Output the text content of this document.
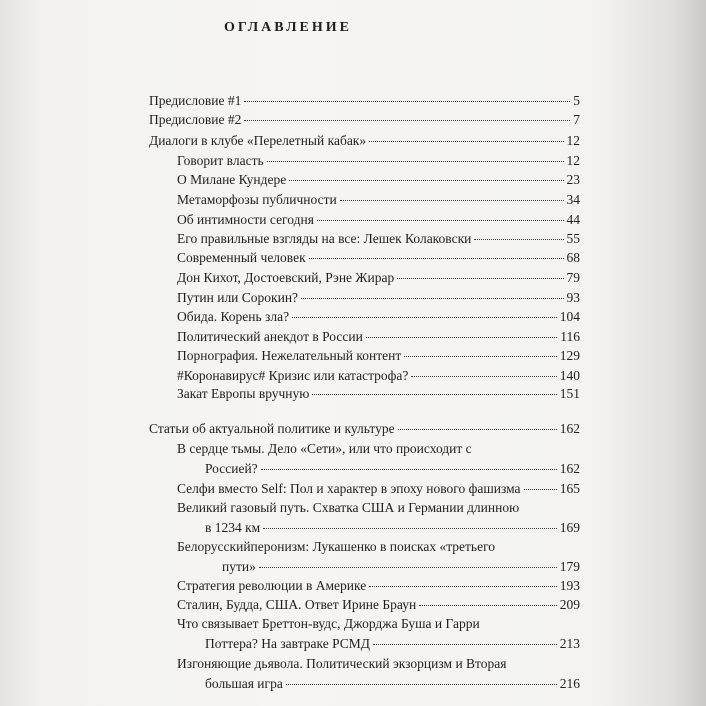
ОГЛАВЛЕНИЕ
Предисловие #1	5
Предисловие #2	7
Диалоги в клубе «Перелетный кабак»	12
Говорит власть	12
О Милане Кундере	23
Метаморфозы публичности	34
Об интимности сегодня	44
Его правильные взгляды на все: Лешек Колаковски	55
Современный человек	68
Дон Кихот, Достоевский, Рэне Жирар	79
Путин или Сорокин?	93
Обида. Корень зла?	104
Политический анекдот в России	116
Порнография. Нежелательный контент	129
#Коронавирус# Кризис или катастрофа?	140
Закат Европы вручную	151
Статьи об актуальной политике и культуре	162
В сердце тьмы. Дело «Сети», или что происходит с
Россией?	162
Селфи вместо Self: Пол и характер в эпоху нового фашизма	165
Великий газовый путь. Схватка США и Германии длинною
в 1234 км	169
Белорусскийперонизм: Лукашенко в поисках «третьего
пути»	179
Стратегия революции в Америке	193
Сталин, Будда, США. Ответ Ирине Браун	209
Что связывает Бреттон-вудс, Джорджа Буша и Гарри
Поттера? На завтраке РСМД	213
Изгоняющие дьявола. Политический экзорцизм и Вторая
большая игра	216
